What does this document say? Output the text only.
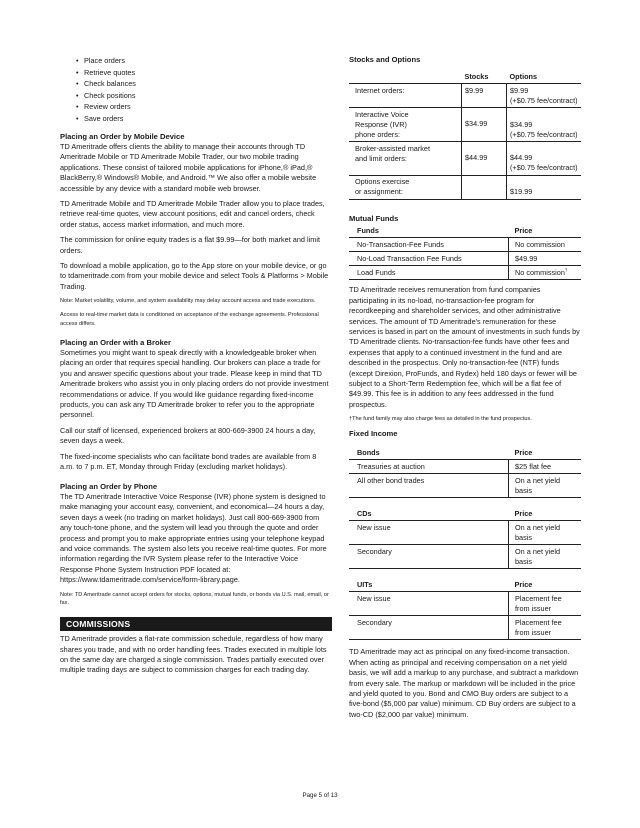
• Place orders
• Retrieve quotes
• Check balances
• Check positions
• Review orders
• Save orders

Placing an Order by Mobile Device

TD Ameritrade offers clients the ability to manage their accounts through TD Ameritrade Mobile or TD Ameritrade Mobile Trader, our two mobile trading applications. These consist of tailored mobile applications for iPhone,® iPad,® BlackBerry,® Windows® Mobile, and Android.™ We also offer a mobile website accessible by any device with a standard mobile web browser.

TD Ameritrade Mobile and TD Ameritrade Mobile Trader allow you to place trades, retrieve real-time quotes, view account positions, edit and cancel orders, check order status, access market information, and much more.

The commission for online equity trades is a flat $9.99—for both market and limit orders.

To download a mobile application, go to the App store on your mobile device, or go to tdameritrade.com from your mobile device and select Tools & Platforms > Mobile Trading.

Note: Market volatility, volume, and system availability may delay account access and trade executions.

Access to real-time market data is conditioned on acceptance of the exchange agreements. Professional access differs.

Placing an Order with a Broker

Sometimes you might want to speak directly with a knowledgeable broker when placing an order that requires special handling. Our brokers can place a trade for you and answer specific questions about your trade. Please keep in mind that TD Ameritrade brokers who assist you in only placing orders do not provide investment recommendations or advice. If you would like guidance regarding fixed-income products, you can ask any TD Ameritrade broker to refer you to the appropriate personnel.

Call our staff of licensed, experienced brokers at 800-669-3900 24 hours a day, seven days a week.

The fixed-income specialists who can facilitate bond trades are available from 8 a.m. to 7 p.m. ET, Monday through Friday (excluding market holidays).

Placing an Order by Phone

The TD Ameritrade Interactive Voice Response (IVR) phone system is designed to make managing your account easy, convenient, and economical—24 hours a day, seven days a week (no trading on market holidays). Just call 800-669-3900 from any touch-tone phone, and the system will lead you through the quote and order process and prompt you to make appropriate entries using your telephone keypad and voice commands. The system also lets you receive real-time quotes. For more information regarding the IVR System please refer to the Interactive Voice Response Phone System Instruction PDF located at: https://www.tdameritrade.com/service/form-library.page.

Note: TD Ameritrade cannot accept orders for stocks, options, mutual funds, or bonds via U.S. mail, email, or fax.

COMMISSIONS

TD Ameritrade provides a flat-rate commission schedule, regardless of how many shares you trade, and with no order handling fees. Trades executed in multiple lots on the same day are charged a single commission. Trades partially executed over multiple trading days are subject to commission charges for each trading day.

Stocks and Options

	Stocks	Options
Internet orders:	$9.99	$9.99
(+$0.75 fee/contract)
Interactive Voice
Response (IVR)
phone orders:	$34.99	$34.99
(+$0.75 fee/contract)
Broker-assisted market
and limit orders:	$44.99	$44.99
(+$0.75 fee/contract)
Options exercise
or assignment:		$19.99

Mutual Funds

Funds	Price
No-Transaction-Fee Funds	No commission
No-Load Transaction Fee Funds	$49.99
Load Funds	No commission†

TD Ameritrade receives remuneration from fund companies participating in its no-load, no-transaction-fee program for recordkeeping and shareholder services, and other administrative services. The amount of TD Ameritrade's remuneration for these services is based in part on the amount of investments in such funds by TD Ameritrade clients. No-transaction-fee funds have other fees and expenses that apply to a continued investment in the fund and are described in the prospectus. Only no-transaction-fee (NTF) funds (except Direxion, ProFunds, and Rydex) held 180 days or fewer will be subject to a Short-Term Redemption fee, which will be a flat fee of $49.99. This fee is in addition to any fees addressed in the fund prospectus.

†The fund family may also charge fees as detailed in the fund prospectus.

Fixed Income

Bonds	Price
Treasuries at auction	$25 flat fee
All other bond trades	On a net yield basis
CDs	Price
New issue	On a net yield basis
Secondary	On a net yield basis
UITs	Price
New issue	Placement fee from issuer
Secondary	Placement fee from issuer

TD Ameritrade may act as principal on any fixed-income transaction. When acting as principal and receiving compensation on a net yield basis, we will add a markup to any purchase, and subtract a markdown from every sale. The markup or markdown will be included in the price and yield quoted to you. Bond and CMO Buy orders are subject to a five-bond ($5,000 par value) minimum. CD Buy orders are subject to a two-CD ($2,000 par value) minimum.

Page 5 of 13
